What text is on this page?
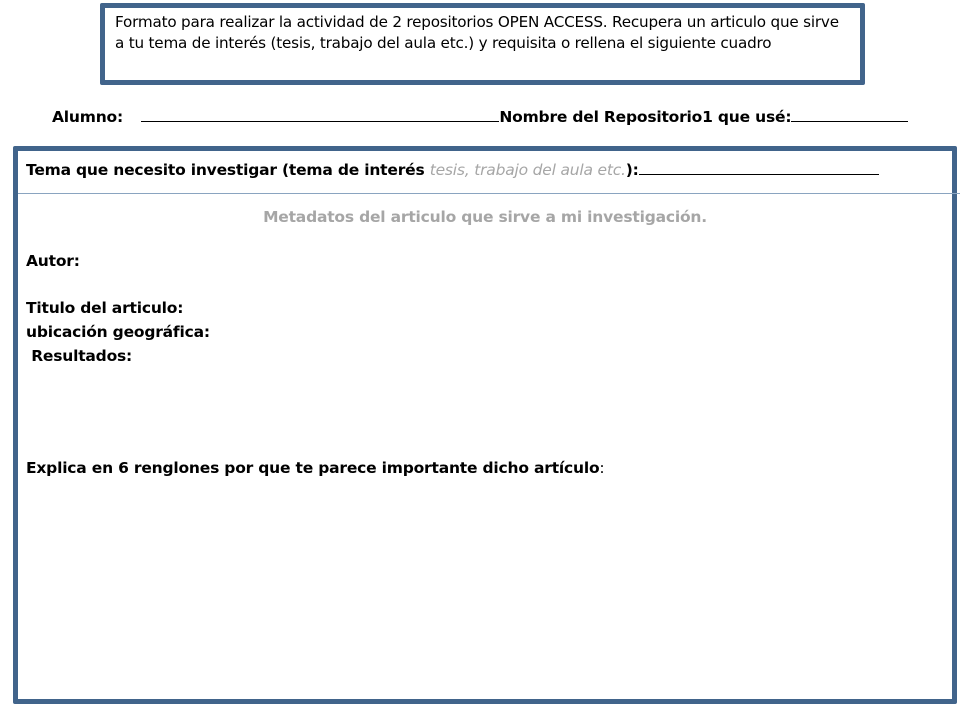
Formato para realizar la actividad de 2 repositorios OPEN ACCESS. Recupera un articulo que sirve a tu tema de interés (tesis, trabajo del aula etc.) y requisita o rellena el siguiente cuadro
Alumno:	Nombre del Repositorio1 que usé:
Tema que necesito investigar (tema de interés tesis, trabajo del aula etc.):
Metadatos del articulo que sirve a mi investigación.
Autor:
Titulo del articulo:
ubicación geográfica:
Resultados:
Explica en 6 renglones por que te parece importante dicho artículo:
